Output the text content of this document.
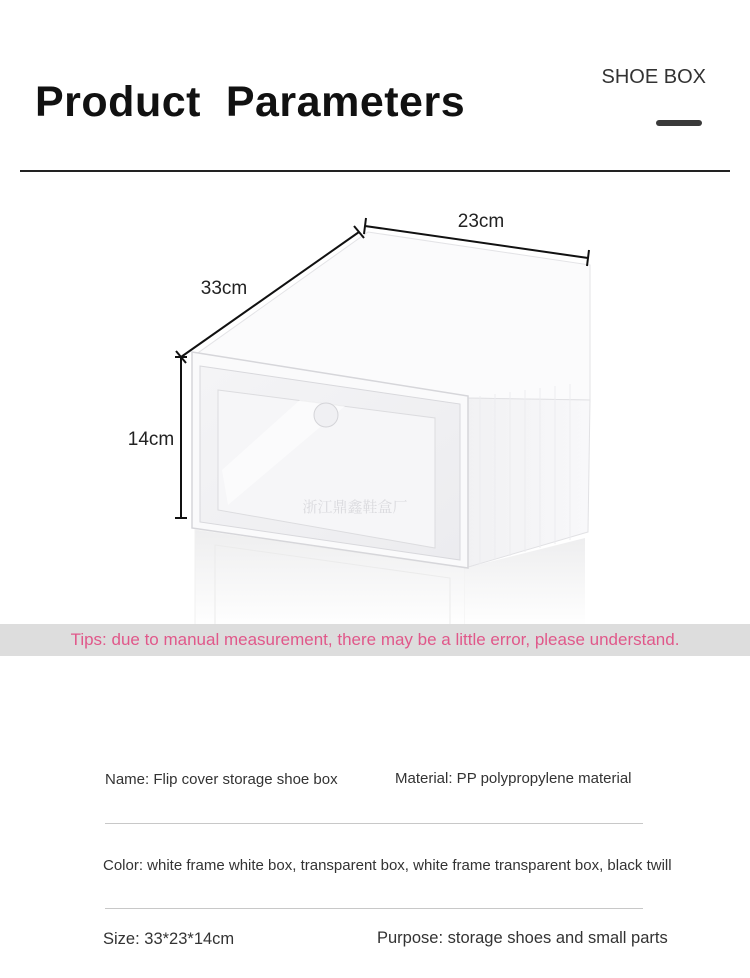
Product  Parameters
SHOE BOX
浙江鼎鑫鞋盒厂
23cm
33cm
14cm
Tips: due to manual measurement, there may be a little error, please understand.
Name: Flip cover storage shoe box	Material: PP polypropylene material
Color: white frame white box, transparent box, white frame transparent box, black twill
Size: 33*23*14cm	Purpose: storage shoes and small parts
